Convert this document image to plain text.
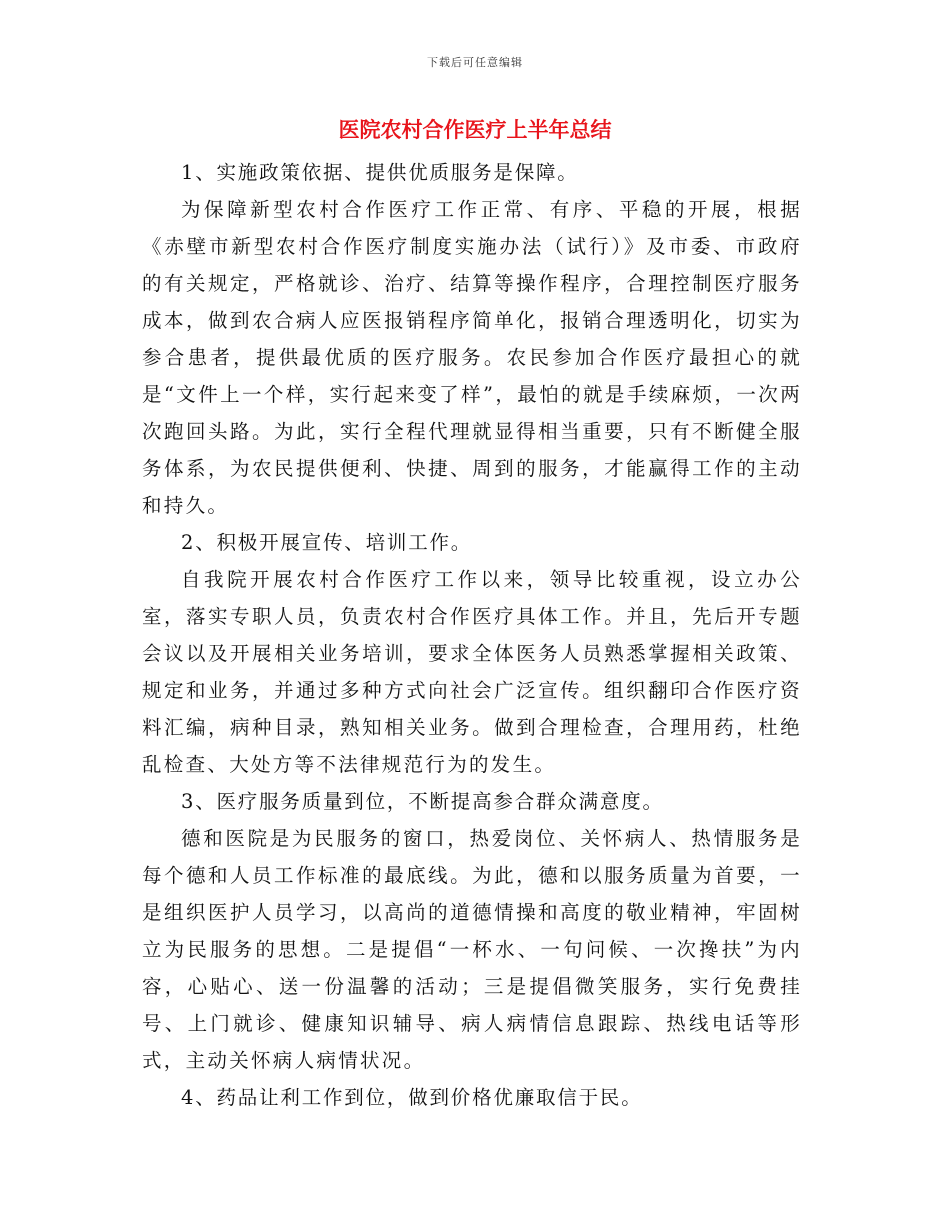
下载后可任意编辑
医院农村合作医疗上半年总结

1、实施政策依据、提供优质服务是保障。

为保障新型农村合作医疗工作正常、有序、平稳的开展，根据《赤壁市新型农村合作医疗制度实施办法（试行）》及市委、市政府的有关规定，严格就诊、治疗、结算等操作程序，合理控制医疗服务成本，做到农合病人应医报销程序简单化，报销合理透明化，切实为参合患者，提供最优质的医疗服务。农民参加合作医疗最担心的就是“文件上一个样，实行起来变了样”，最怕的就是手续麻烦，一次两次跑回头路。为此，实行全程代理就显得相当重要，只有不断健全服务体系，为农民提供便利、快捷、周到的服务，才能赢得工作的主动和持久。

2、积极开展宣传、培训工作。

自我院开展农村合作医疗工作以来，领导比较重视，设立办公室，落实专职人员，负责农村合作医疗具体工作。并且，先后开专题会议以及开展相关业务培训，要求全体医务人员熟悉掌握相关政策、规定和业务，并通过多种方式向社会广泛宣传。组织翻印合作医疗资料汇编，病种目录，熟知相关业务。做到合理检查，合理用药，杜绝乱检查、大处方等不法律规范行为的发生。

3、医疗服务质量到位，不断提高参合群众满意度。

德和医院是为民服务的窗口，热爱岗位、关怀病人、热情服务是每个德和人员工作标准的最底线。为此，德和以服务质量为首要，一是组织医护人员学习，以高尚的道德情操和高度的敬业精神，牢固树立为民服务的思想。二是提倡“一杯水、一句问候、一次搀扶”为内容，心贴心、送一份温馨的活动；三是提倡微笑服务，实行免费挂号、上门就诊、健康知识辅导、病人病情信息跟踪、热线电话等形式，主动关怀病人病情状况。

4、药品让利工作到位，做到价格优廉取信于民。
